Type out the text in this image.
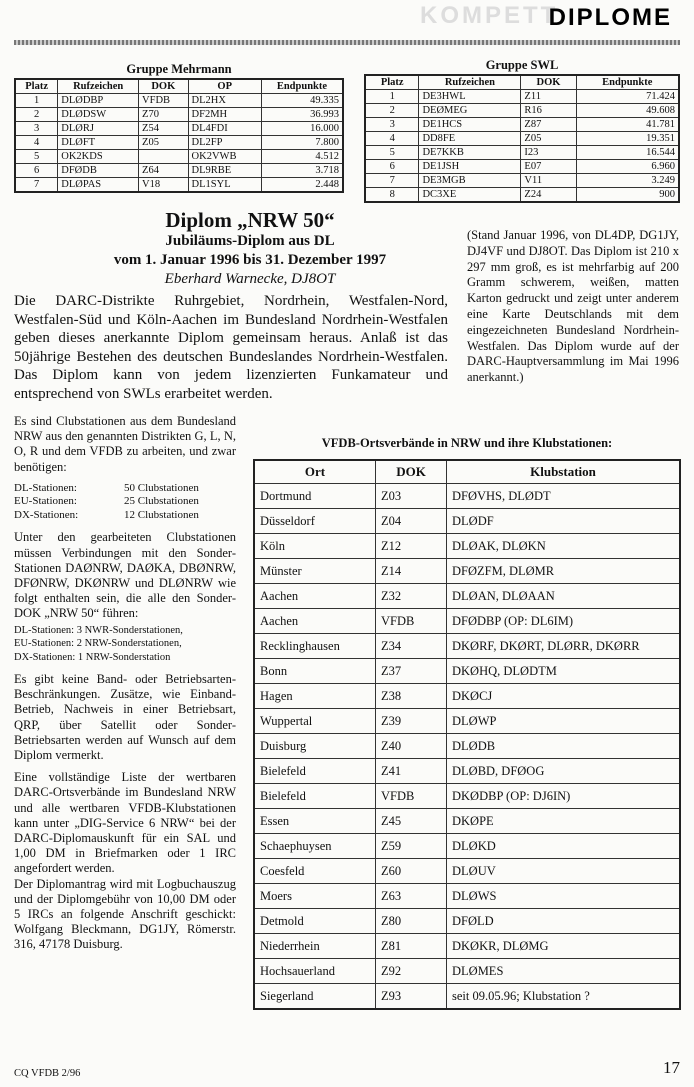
KOMPETT
DIPLOME
Gruppe Mehrmann
Platz	Rufzeichen	DOK	OP	Endpunkte
1	DLØDBP	VFDB	DL2HX	49.335
2	DLØDSW	Z70	DF2MH	36.993
3	DLØRJ	Z54	DL4FDI	16.000
4	DLØFT	Z05	DL2FP	7.800
5	OK2KDS		OK2VWB	4.512
6	DFØDB	Z64	DL9RBE	3.718
7	DLØPAS	V18	DL1SYL	2.448
Gruppe SWL
Platz	Rufzeichen	DOK	Endpunkte
1	DE3HWL	Z11	71.424
2	DEØMEG	R16	49.608
3	DE1HCS	Z87	41.781
4	DD8FE	Z05	19.351
5	DE7KKB	I23	16.544
6	DE1JSH	E07	6.960
7	DE3MGB	V11	3.249
8	DC3XE	Z24	900
Diplom „NRW 50“
Jubiläums-Diplom aus DL
vom 1. Januar 1996 bis 31. Dezember 1997
Eberhard Warnecke, DJ8OT

(Stand Januar 1996, von DL4DP, DG1JY, DJ4VF und DJ8OT. Das Diplom ist 210 x 297 mm groß, es ist mehrfarbig auf 200 Gramm schwerem, weißen, matten Karton gedruckt und zeigt unter anderem eine Karte Deutschlands mit dem eingezeichneten Bundesland Nordrhein-Westfalen. Das Diplom wurde auf der DARC-Hauptversammlung im Mai 1996 anerkannt.)

Die DARC-Distrikte Ruhrgebiet, Nordrhein, Westfalen-Nord, Westfalen-Süd und Köln-Aachen im Bundesland Nordrhein-Westfalen geben dieses anerkannte Diplom gemeinsam heraus. Anlaß ist das 50jährige Bestehen des deutschen Bundeslandes Nordrhein-Westfalen. Das Diplom kann von jedem lizenzierten Funkamateur und entsprechend von SWLs erarbeitet werden.

Es sind Clubstationen aus dem Bundesland NRW aus den genannten Distrikten G, L, N, O, R und dem VFDB zu arbeiten, und zwar benötigen:

DL-Stationen:	50 Clubstationen
EU-Stationen:	25 Clubstationen
DX-Stationen:	12 Clubstationen

Unter den gearbeiteten Clubstationen müssen Verbindungen mit den Sonder-Stationen DAØNRW, DAØKA, DBØNRW, DFØNRW, DKØNRW und DLØNRW wie folgt enthalten sein, die alle den Sonder-DOK „NRW 50“ führen:

DL-Stationen: 3 NWR-Sonderstationen,
EU-Stationen: 2 NRW-Sonderstationen,
DX-Stationen: 1 NRW-Sonderstation

Es gibt keine Band- oder Betriebsarten-Beschränkungen. Zusätze, wie Einband-Betrieb, Nachweis in einer Betriebsart, QRP, über Satellit oder Sonder-Betriebsarten werden auf Wunsch auf dem Diplom vermerkt.

Eine vollständige Liste der wertbaren DARC-Ortsverbände im Bundesland NRW und alle wertbaren VFDB-Klubstationen kann unter „DIG-Service 6 NRW“ bei der DARC-Diplomauskunft für ein SAL und 1,00 DM in Briefmarken oder 1 IRC angefordert werden.

Der Diplomantrag wird mit Logbuchauszug und der Diplomgebühr von 10,00 DM oder 5 IRCs an folgende Anschrift geschickt: Wolfgang Bleckmann, DG1JY, Römerstr. 316, 47178 Duisburg.

VFDB-Ortsverbände in NRW und ihre Klubstationen:
Ort	DOK	Klubstation
Dortmund	Z03	DFØVHS, DLØDT
Düsseldorf	Z04	DLØDF
Köln	Z12	DLØAK, DLØKN
Münster	Z14	DFØZFM, DLØMR
Aachen	Z32	DLØAN, DLØAAN
Aachen	VFDB	DFØDBP (OP: DL6IM)
Recklinghausen	Z34	DKØRF, DKØRT, DLØRR, DKØRR
Bonn	Z37	DKØHQ, DLØDTM
Hagen	Z38	DKØCJ
Wuppertal	Z39	DLØWP
Duisburg	Z40	DLØDB
Bielefeld	Z41	DLØBD, DFØOG
Bielefeld	VFDB	DKØDBP (OP: DJ6IN)
Essen	Z45	DKØPE
Schaephuysen	Z59	DLØKD
Coesfeld	Z60	DLØUV
Moers	Z63	DLØWS
Detmold	Z80	DFØLD
Niederrhein	Z81	DKØKR, DLØMG
Hochsauerland	Z92	DLØMES
Siegerland	Z93	seit 09.05.96; Klubstation ?
CQ VFDB 2/96	17
